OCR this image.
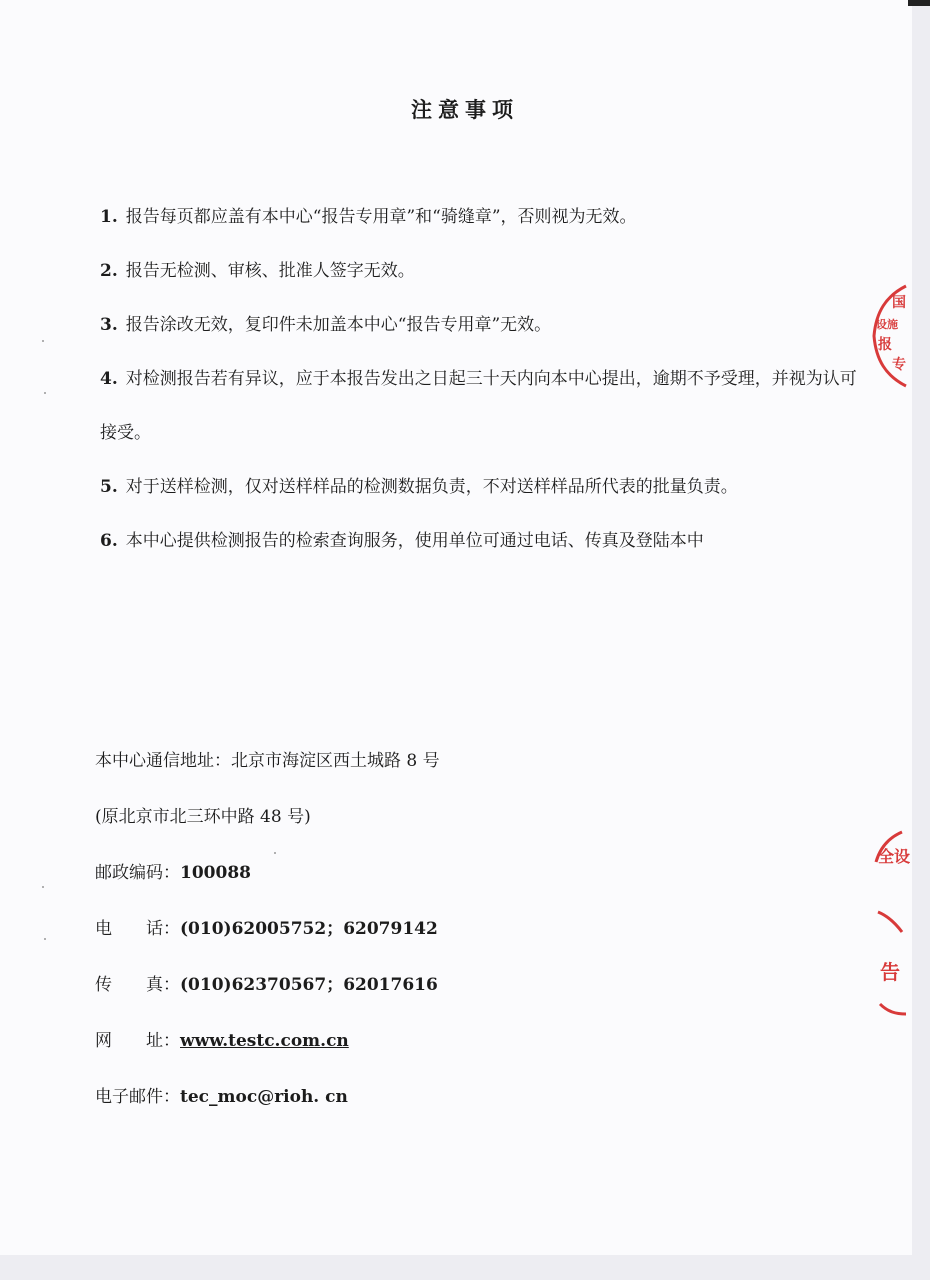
注意事项

1. 报告每页都应盖有本中心“报告专用章”和“骑缝章”，否则视为无效。

2. 报告无检测、审核、批准人签字无效。

3. 报告涂改无效，复印件未加盖本中心“报告专用章”无效。

4. 对检测报告若有异议，应于本报告发出之日起三十天内向本中心提出，逾期不予受理，并视为认可接受。

5. 对于送样检测，仅对送样样品的检测数据负责，不对送样样品所代表的批量负责。

6. 本中心提供检测报告的检索查询服务，使用单位可通过电话、传真及登陆本中

本中心通信地址：北京市海淀区西土城路 8 号
(原北京市北三环中路 48 号)
邮政编码：100088
电　　话：(010)62005752；62079142
传　　真：(010)62370567；62017616
网　　址：www.testc.com.cn
电子邮件：tec_moc@rioh. cn
国
设施
报
专
全设
告
